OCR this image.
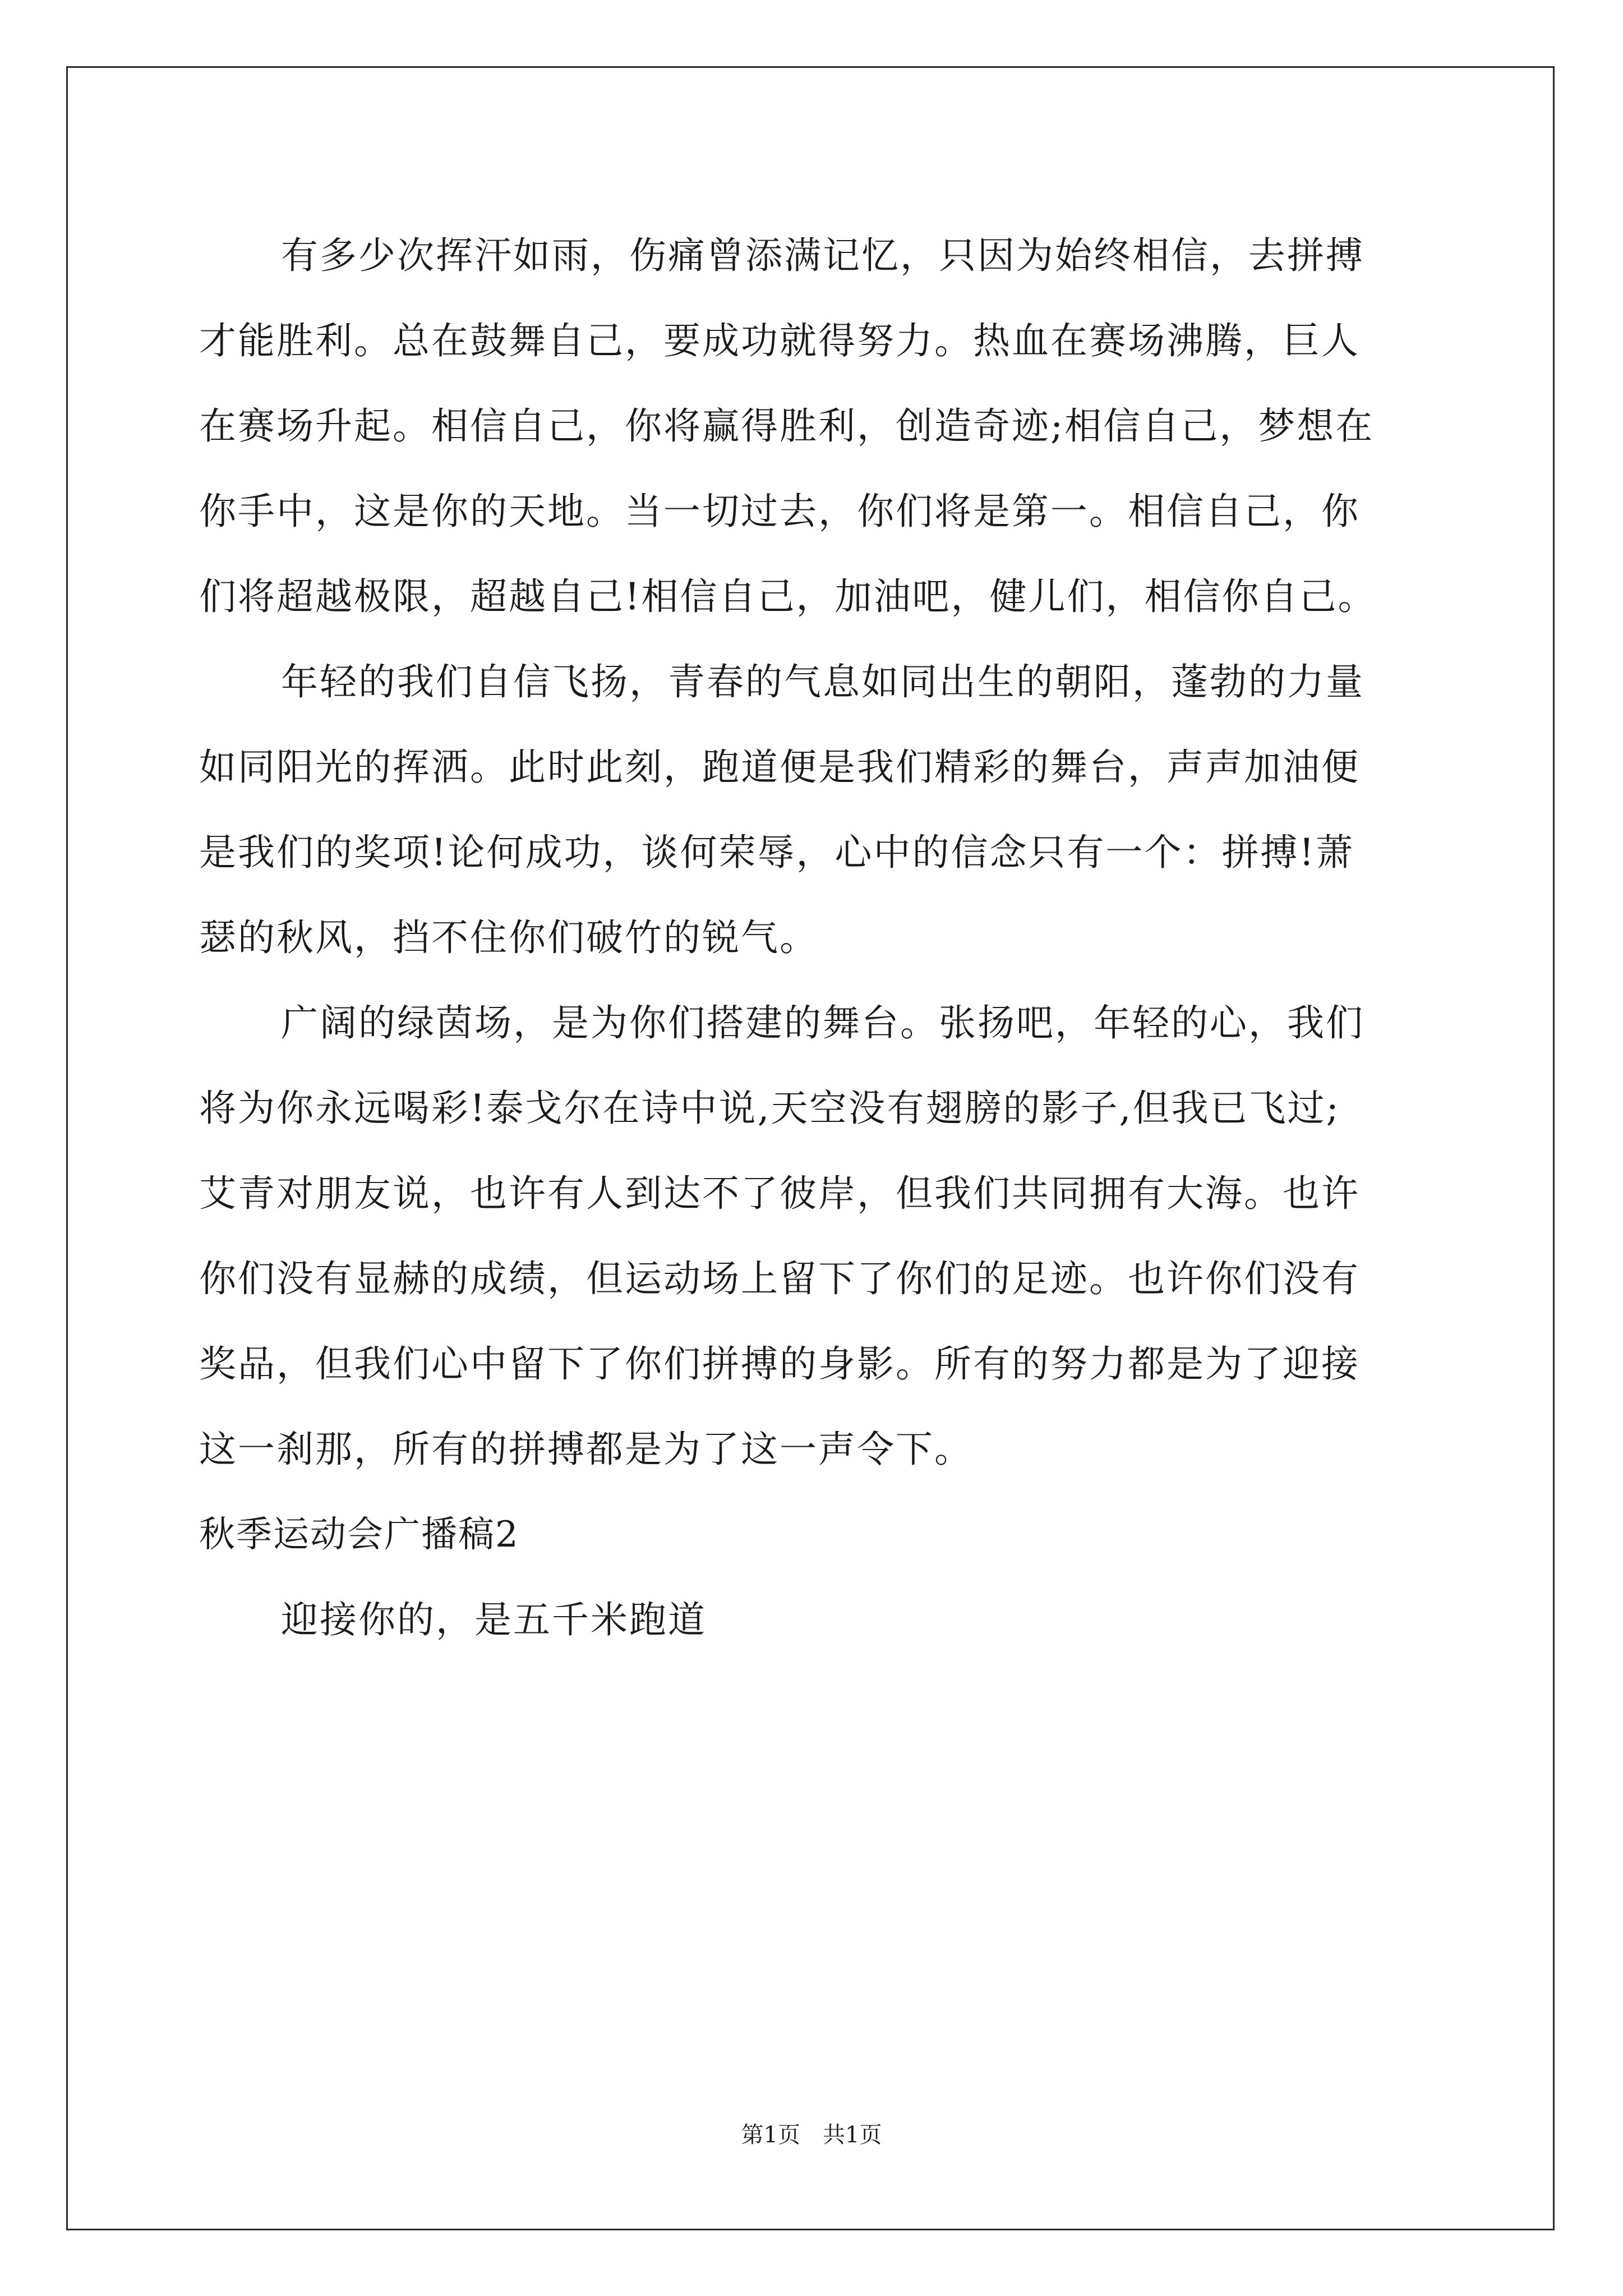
有多少次挥汗如雨，伤痛曾添满记忆，只因为始终相信，去拼搏
才能胜利。总在鼓舞自己，要成功就得努力。热血在赛场沸腾，巨人
在赛场升起。相信自己，你将赢得胜利，创造奇迹;相信自己，梦想在
你手中，这是你的天地。当一切过去，你们将是第一。相信自己，你
们将超越极限，超越自己!相信自己，加油吧，健儿们，相信你自己。
年轻的我们自信飞扬，青春的气息如同出生的朝阳，蓬勃的力量
如同阳光的挥洒。此时此刻，跑道便是我们精彩的舞台，声声加油便
是我们的奖项!论何成功，谈何荣辱，心中的信念只有一个：拼搏!萧
瑟的秋风，挡不住你们破竹的锐气。
广阔的绿茵场，是为你们搭建的舞台。张扬吧，年轻的心，我们
将为你永远喝彩!泰戈尔在诗中说,天空没有翅膀的影子,但我已飞过;
艾青对朋友说，也许有人到达不了彼岸，但我们共同拥有大海。也许
你们没有显赫的成绩，但运动场上留下了你们的足迹。也许你们没有
奖品，但我们心中留下了你们拼搏的身影。所有的努力都是为了迎接
这一刹那，所有的拼搏都是为了这一声令下。
秋季运动会广播稿2
迎接你的，是五千米跑道
第1页 共1页
